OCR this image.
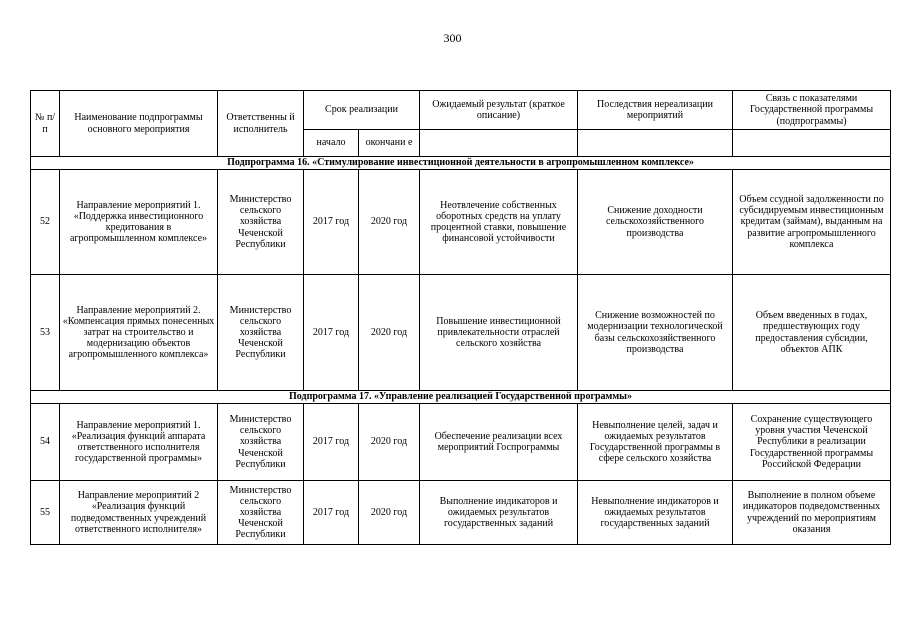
300
№ п/п	Наименование подпрограммы основного мероприятия	Ответственны й исполнитель	Срок реализации		Ожидаемый результат (краткое описание)	Последствия нереализации мероприятий	Связь с показателями Государственной программы (подпрограммы)
			начало	окончани е			
Подпрограмма 16. «Стимулирование инвестиционной деятельности в агропромышленном комплексе»							
52	Направление мероприятий 1. «Поддержка инвестиционного кредитования в агропромышленном комплексе»	Министерство сельского хозяйства Чеченской Республики	2017 год	2020 год	Неотвлечение собственных оборотных средств на уплату процентной ставки, повышение финансовой устойчивости	Снижение доходности сельскохозяйственного производства	Объем ссудной задолженности по субсидируемым инвестиционным кредитам (займам), выданным на развитие агропромышленного комплекса
53	Направление мероприятий 2. «Компенсация прямых понесенных затрат на строительство и модернизацию объектов агропромышленного комплекса»	Министерство сельского хозяйства Чеченской Республики	2017 год	2020 год	Повышение инвестиционной привлекательности отраслей сельского хозяйства	Снижение возможностей по модернизации технологической базы сельскохозяйственного производства	Объем введенных в годах, предшествующих году предоставления субсидии, объектов АПК
Подпрограмма 17. «Управление реализацией Государственной программы»							
54	Направление мероприятий 1. «Реализация функций аппарата ответственного исполнителя государственной программы»	Министерство сельского хозяйства Чеченской Республики	2017 год	2020 год	Обеспечение реализации всех мероприятий Госпрограммы	Невыполнение целей, задач и ожидаемых результатов Государственной программы в сфере сельского хозяйства	Сохранение существующего уровня участия Чеченской Республики в реализации Государственной программы Российской Федерации
55	Направление мероприятий 2 «Реализация функций подведомственных учреждений ответственного исполнителя»	Министерство сельского хозяйства Чеченской Республики	2017 год	2020 год	Выполнение индикаторов и ожидаемых результатов государственных заданий	Невыполнение индикаторов и ожидаемых результатов государственных заданий	Выполнение в полном объеме индикаторов подведомственных учреждений по мероприятиям оказания
